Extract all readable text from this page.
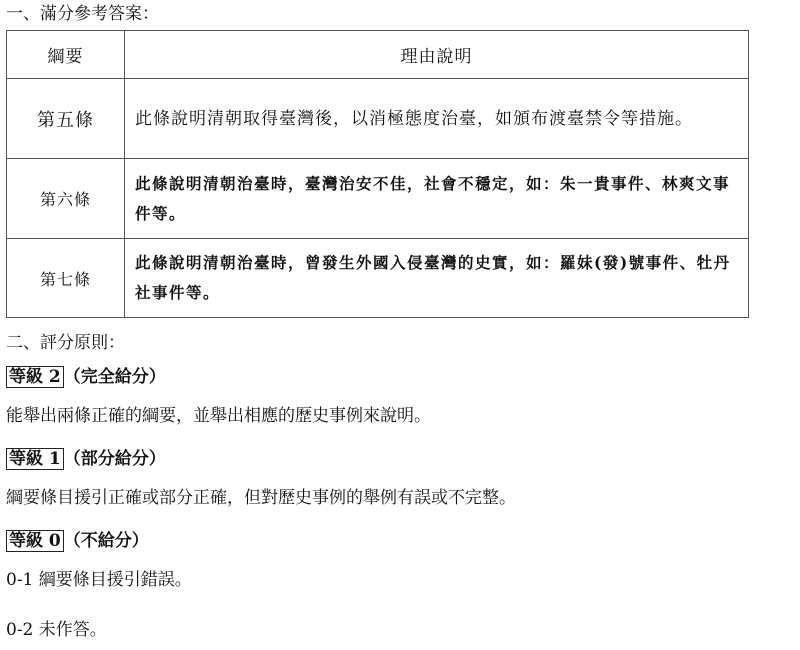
一、滿分參考答案：
綱要	理由說明
第五條	此條說明清朝取得臺灣後，以消極態度治臺，如頒布渡臺禁令等措施。
第六條	此條說明清朝治臺時，臺灣治安不佳，社會不穩定，如：朱一貴事件、林爽文事件等。
第七條	此條說明清朝治臺時，曾發生外國入侵臺灣的史實，如：羅妹(發)號事件、牡丹社事件等。
二、評分原則：
等級 2 （完全給分）
能舉出兩條正確的綱要，並舉出相應的歷史事例來說明。
等級 1 （部分給分）
綱要條目援引正確或部分正確，但對歷史事例的舉例有誤或不完整。
等級 0 （不給分）
0-1 綱要條目援引錯誤。
0-2 未作答。
